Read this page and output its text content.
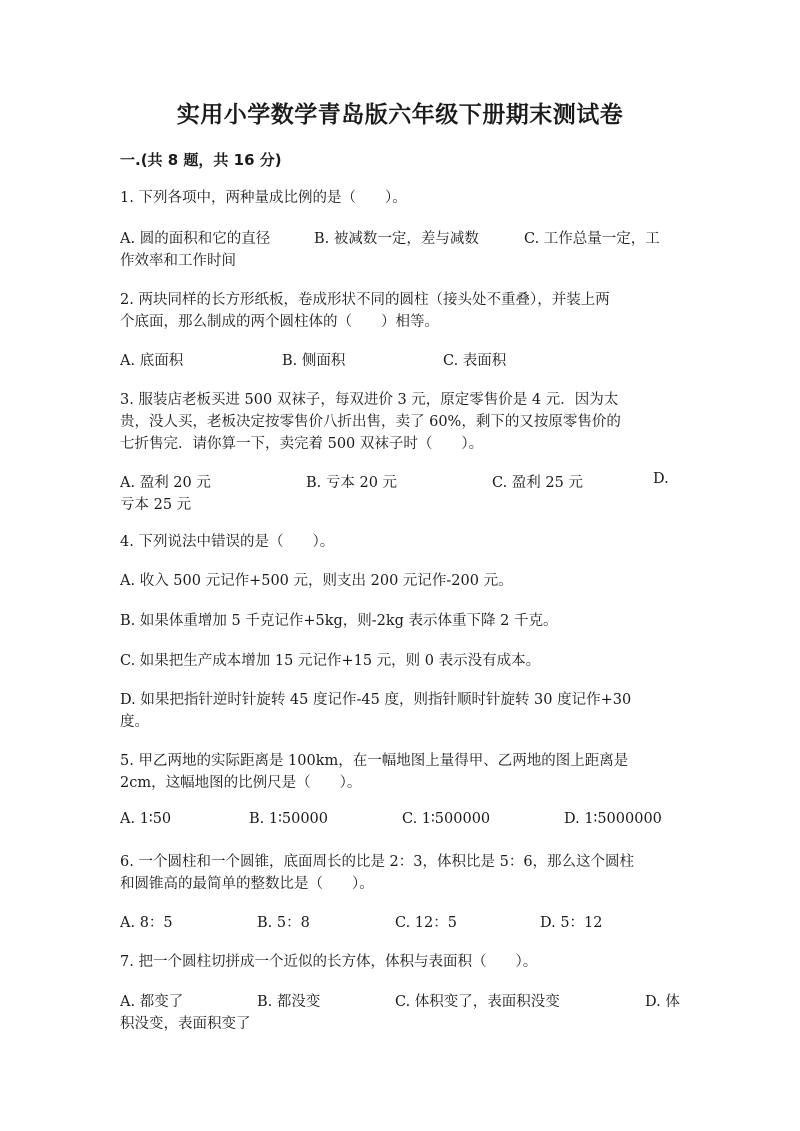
实用小学数学青岛版六年级下册期末测试卷
一.(共 8 题，共 16 分)
1. 下列各项中，两种量成比例的是（　　）。
A. 圆的面积和它的直径	B. 被减数一定，差与减数	C. 工作总量一定，工
作效率和工作时间
2. 两块同样的长方形纸板，卷成形状不同的圆柱（接头处不重叠），并装上两
个底面，那么制成的两个圆柱体的（　　）相等。
A. 底面积	B. 侧面积	C. 表面积
3. 服装店老板买进 500 双袜子，每双进价 3 元，原定零售价是 4 元．因为太
贵，没人买，老板决定按零售价八折出售，卖了 60%，剩下的又按原零售价的
七折售完．请你算一下，卖完着 500 双袜子时（　　）。
A. 盈利 20 元	B. 亏本 20 元	C. 盈利 25 元	D.
亏本 25 元
4. 下列说法中错误的是（　　）。
A. 收入 500 元记作+500 元，则支出 200 元记作-200 元。
B. 如果体重增加 5 千克记作+5kg，则-2kg 表示体重下降 2 千克。
C. 如果把生产成本增加 15 元记作+15 元，则 0 表示没有成本。
D. 如果把指针逆时针旋转 45 度记作-45 度，则指针顺时针旋转 30 度记作+30
度。
5. 甲乙两地的实际距离是 100km，在一幅地图上量得甲、乙两地的图上距离是
2cm，这幅地图的比例尺是（　　）。
A. 1∶50	B. 1∶50000	C. 1∶500000	D. 1∶5000000
6. 一个圆柱和一个圆锥，底面周长的比是 2：3，体积比是 5：6，那么这个圆柱
和圆锥高的最简单的整数比是（　　）。
A. 8：5	B. 5：8	C. 12：5	D. 5：12
7. 把一个圆柱切拼成一个近似的长方体，体积与表面积（　　）。
A. 都变了	B. 都没变	C. 体积变了，表面积没变	D. 体
积没变，表面积变了
